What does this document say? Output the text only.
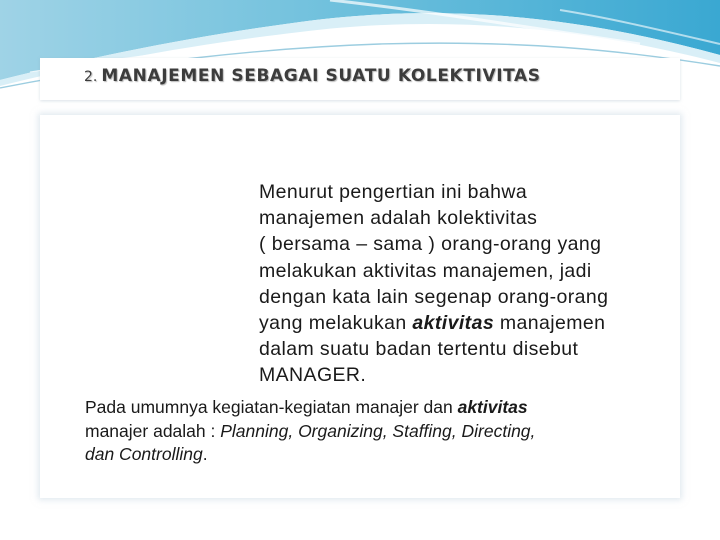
2. MANAJEMEN SEBAGAI SUATU KOLEKTIVITAS

Menurut pengertian ini bahwa
manajemen adalah kolektivitas
( bersama – sama ) orang-orang yang
melakukan aktivitas manajemen, jadi
dengan kata lain segenap orang-orang
yang melakukan aktivitas manajemen
dalam suatu badan tertentu disebut
MANAGER.

Pada umumnya kegiatan-kegiatan manajer dan aktivitas
manajer adalah : Planning, Organizing, Staffing, Directing,
dan Controlling.
